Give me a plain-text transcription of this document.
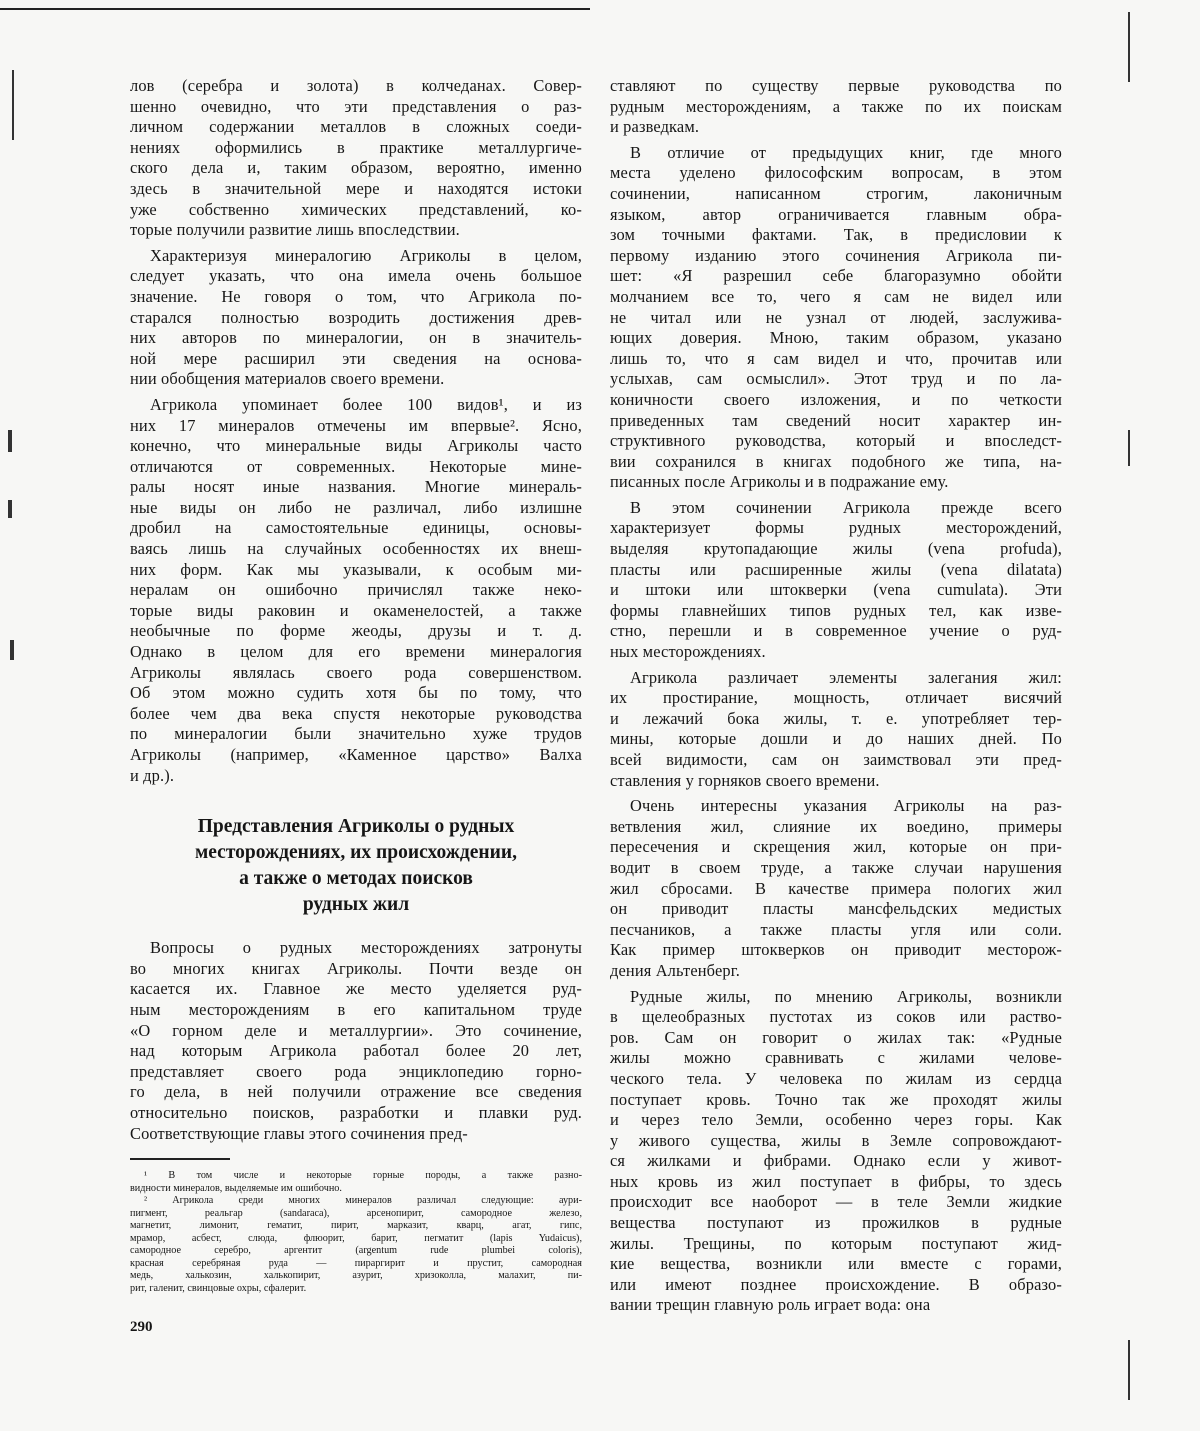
лов (серебра и золота) в колчеданах. Совер-
шенно очевидно, что эти представления о раз-
личном содержании металлов в сложных соеди-
нениях оформились в практике металлургиче-
ского дела и, таким образом, вероятно, именно
здесь в значительной мере и находятся истоки
уже собственно химических представлений, ко-
торые получили развитие лишь впоследствии.
Характеризуя минералогию Агриколы в целом,
следует указать, что она имела очень большое
значение. Не говоря о том, что Агрикола по-
старался полностью возродить достижения древ-
них авторов по минералогии, он в значитель-
ной мере расширил эти сведения на основа-
нии обобщения материалов своего времени.
Агрикола упоминает более 100 видов¹, и из
них 17 минералов отмечены им впервые². Ясно,
конечно, что минеральные виды Агриколы часто
отличаются от современных. Некоторые мине-
ралы носят иные названия. Многие минераль-
ные виды он либо не различал, либо излишне
дробил на самостоятельные единицы, основы-
ваясь лишь на случайных особенностях их внеш-
них форм. Как мы указывали, к особым ми-
нералам он ошибочно причислял также неко-
торые виды раковин и окаменелостей, а также
необычные по форме жеоды, друзы и т. д.
Однако в целом для его времени минералогия
Агриколы являлась своего рода совершенством.
Об этом можно судить хотя бы по тому, что
более чем два века спустя некоторые руководства
по минералогии были значительно хуже трудов
Агриколы (например, «Каменное царство» Валха
и др.).
Представления Агриколы о рудных
месторождениях, их происхождении,
а также о методах поисков
рудных жил
Вопросы о рудных месторождениях затронуты
во многих книгах Агриколы. Почти везде он
касается их. Главное же место уделяется руд-
ным месторождениям в его капитальном труде
«О горном деле и металлургии». Это сочинение,
над которым Агрикола работал более 20 лет,
представляет своего рода энциклопедию горно-
го дела, в ней получили отражение все сведения
относительно поисков, разработки и плавки руд.
Соответствующие главы этого сочинения пред-
¹ В том числе и некоторые горные породы, а также разно-
видности минералов, выделяемые им ошибочно.
² Агрикола среди многих минералов различал следующие: аури-
пигмент, реальгар (sandaraca), арсенопирит, самородное железо,
магнетит, лимонит, гематит, пирит, марказит, кварц, агат, гипс,
мрамор, асбест, слюда, флюорит, барит, пегматит (lapis Yudaicus),
самородное серебро, аргентит (argentum rude plumbei coloris),
красная серебряная руда — пираргирит и прустит, самородная
медь, халькозин, халькопирит, азурит, хризоколла, малахит, пи-
рит, галенит, свинцовые охры, сфалерит.
ставляют по существу первые руководства по
рудным месторождениям, а также по их поискам
и разведкам.
В отличие от предыдущих книг, где много
места уделено философским вопросам, в этом
сочинении, написанном строгим, лаконичным
языком, автор ограничивается главным обра-
зом точными фактами. Так, в предисловии к
первому изданию этого сочинения Агрикола пи-
шет: «Я разрешил себе благоразумно обойти
молчанием все то, чего я сам не видел или
не читал или не узнал от людей, заслужива-
ющих доверия. Мною, таким образом, указано
лишь то, что я сам видел и что, прочитав или
услыхав, сам осмыслил». Этот труд и по ла-
коничности своего изложения, и по четкости
приведенных там сведений носит характер ин-
структивного руководства, который и впоследст-
вии сохранился в книгах подобного же типа, на-
писанных после Агриколы и в подражание ему.
В этом сочинении Агрикола прежде всего
характеризует формы рудных месторождений,
выделяя крутопадающие жилы (vena profuda),
пласты или расширенные жилы (vena dilatata)
и штоки или штокверки (vena cumulata). Эти
формы главнейших типов рудных тел, как изве-
стно, перешли и в современное учение о руд-
ных месторождениях.
Агрикола различает элементы залегания жил:
их простирание, мощность, отличает висячий
и лежачий бока жилы, т. е. употребляет тер-
мины, которые дошли и до наших дней. По
всей видимости, сам он заимствовал эти пред-
ставления у горняков своего времени.
Очень интересны указания Агриколы на раз-
ветвления жил, слияние их воедино, примеры
пересечения и скрещения жил, которые он при-
водит в своем труде, а также случаи нарушения
жил сбросами. В качестве примера пологих жил
он приводит пласты мансфельдских медистых
песчаников, а также пласты угля или соли.
Как пример штокверков он приводит месторож-
дения Альтенберг.
Рудные жилы, по мнению Агриколы, возникли
в щелеобразных пустотах из соков или раство-
ров. Сам он говорит о жилах так: «Рудные
жилы можно сравнивать с жилами челове-
ческого тела. У человека по жилам из сердца
поступает кровь. Точно так же проходят жилы
и через тело Земли, особенно через горы. Как
у живого существа, жилы в Земле сопровождают-
ся жилками и фибрами. Однако если у живот-
ных кровь из жил поступает в фибры, то здесь
происходит все наоборот — в теле Земли жидкие
вещества поступают из прожилков в рудные
жилы. Трещины, по которым поступают жид-
кие вещества, возникли или вместе с горами,
или имеют позднее происхождение. В образо-
вании трещин главную роль играет вода: она
290
